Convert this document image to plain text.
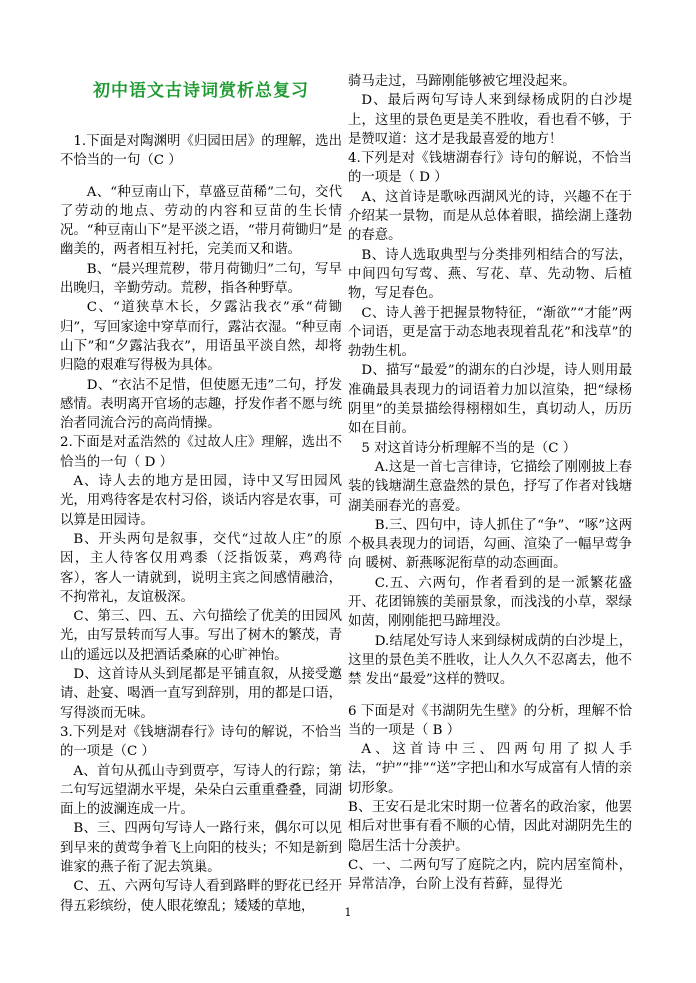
初中语文古诗词赏析总复习

1.下面是对陶渊明《归园田居》的理解，选出不恰当的一句（C ）

A、“种豆南山下，草盛豆苗稀”二句，交代了劳动的地点、劳动的内容和豆苗的生长情况。“种豆南山下”是平淡之语，“带月荷锄归”是幽美的，两者相互衬托，完美而又和谐。

B、“晨兴理荒秽，带月荷锄归”二句，写早出晚归，辛勤劳动。荒秽，指各种野草。

C、“道狭草木长，夕露沾我衣”承“荷锄归”，写回家途中穿草而行，露沾衣湿。“种豆南山下”和“夕露沾我衣”，用语虽平淡自然，却将归隐的艰难写得极为具体。

D、“衣沾不足惜，但使愿无违”二句，抒发感情。表明离开官场的志趣，抒发作者不愿与统治者同流合污的高尚情操。

2.下面是对孟浩然的《过故人庄》理解，选出不恰当的一句（ D ）

A、诗人去的地方是田园，诗中又写田园风光，用鸡待客是农村习俗，谈话内容是农事，可以算是田园诗。

B、开头两句是叙事，交代“过故人庄”的原因，主人待客仅用鸡黍（泛指饭菜，鸡鸡待客），客人一请就到，说明主宾之间感情融洽，不拘常礼，友谊极深。

C、第三、四、五、六句描绘了优美的田园风光，由写景转而写人事。写出了树木的繁茂，青山的遥远以及把酒话桑麻的心旷神怡。

D、这首诗从头到尾都是平铺直叙，从接受邀请、赴宴、喝酒一直写到辞别，用的都是口语，写得淡而无味。

3.下列是对《钱塘湖春行》诗句的解说，不恰当的一项是（C ）

A、首句从孤山寺到贾亭，写诗人的行踪；第二句写远望湖水平堤，朵朵白云重重叠叠，同湖面上的波澜连成一片。

B、三、四两句写诗人一路行来，偶尔可以见到早来的黄莺争着飞上向阳的枝头；不知是新到谁家的燕子衔了泥去筑巢。

C、五、六两句写诗人看到路畔的野花已经开得五彩缤纷，使人眼花缭乱；矮矮的草地，

骑马走过，马蹄刚能够被它埋没起来。

D、最后两句写诗人来到绿杨成阴的白沙堤上，这里的景色更是美不胜收，看也看不够，于是赞叹道：这才是我最喜爱的地方！

4.下列是对《钱塘湖春行》诗句的解说，不恰当的一项是（ D ）

A、这首诗是歌咏西湖风光的诗，兴趣不在于介绍某一景物，而是从总体着眼，描绘湖上蓬勃的春意。

B、诗人选取典型与分类排列相结合的写法，中间四句写莺、燕、写花、草、先动物、后植物，写足春色。

C、诗人善于把握景物特征，“渐欲”“才能”两个词语，更是富于动态地表现着乱花”和浅草”的勃勃生机。

D、描写“最爱”的湖东的白沙堤，诗人则用最准确最具表现力的词语着力加以渲染，把“绿杨阴里”的美景描绘得栩栩如生，真切动人，历历如在目前。

5 对这首诗分析理解不当的是（C ）

A.这是一首七言律诗，它描绘了刚刚披上春装的钱塘湖生意盎然的景色，抒写了作者对钱塘湖美丽春光的喜爱。

B.三、四句中，诗人抓住了“争”、“啄”这两个极具表现力的词语，勾画、渲染了一幅早莺争向 暖树、新燕啄泥衔草的动态画面。

C.五、六两句，作者看到的是一派繁花盛开、花团锦簇的美丽景象，而浅浅的小草，翠绿如茵，刚刚能把马蹄埋没。

D.结尾处写诗人来到绿树成荫的白沙堤上，这里的景色美不胜收，让人久久不忍离去，他不禁 发出“最爱”这样的赞叹。

6 下面是对《书湖阴先生壁》的分析，理解不恰当的一项是（ B ）

A、这首诗中三、四两句用了拟人手法，“护”“排”“送”字把山和水写成富有人情的亲切形象。

B、王安石是北宋时期一位著名的政治家，他罢相后对世事有看不顺的心情，因此对湖阴先生的隐居生活十分羡护。

C、一、二两句写了庭院之内，院内居室简朴，异常洁净，台阶上没有苔藓，显得光

1
